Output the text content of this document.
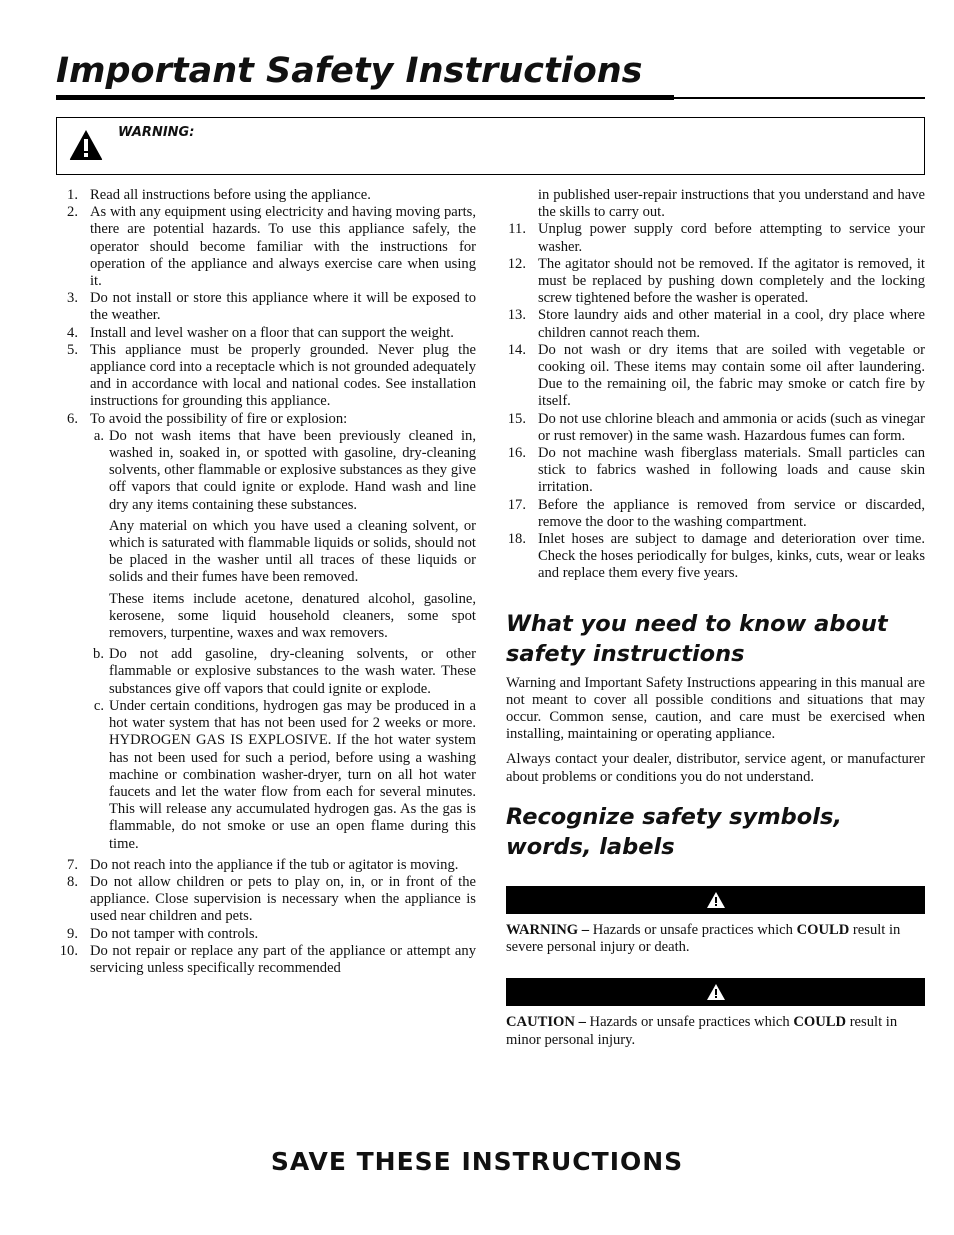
Important Safety Instructions
WARNING:
1. Read all instructions before using the appliance.
2. As with any equipment using electricity and having moving parts, there are potential hazards. To use this appliance safely, the operator should become familiar with the instructions for operation of the appliance and always exercise care when using it.
3. Do not install or store this appliance where it will be exposed to the weather.
4. Install and level washer on a floor that can support the weight.
5. This appliance must be properly grounded. Never plug the appliance cord into a receptacle which is not grounded adequately and in accordance with local and national codes. See installation instructions for grounding this appliance.
6. To avoid the possibility of fire or explosion:
a. Do not wash items that have been previously cleaned in, washed in, soaked in, or spotted with gasoline, dry-cleaning solvents, other flammable or explosive substances as they give off vapors that could ignite or explode. Hand wash and line dry any items containing these substances.

Any material on which you have used a cleaning solvent, or which is saturated with flammable liquids or solids, should not be placed in the washer until all traces of these liquids or solids and their fumes have been removed.

These items include acetone, denatured alcohol, gasoline, kerosene, some liquid household cleaners, some spot removers, turpentine, waxes and wax removers.

b. Do not add gasoline, dry-cleaning solvents, or other flammable or explosive substances to the wash water. These substances give off vapors that could ignite or explode.
c. Under certain conditions, hydrogen gas may be produced in a hot water system that has not been used for 2 weeks or more. HYDROGEN GAS IS EXPLOSIVE. If the hot water system has not been used for such a period, before using a washing machine or combination washer-dryer, turn on all hot water faucets and let the water flow from each for several minutes. This will release any accumulated hydrogen gas. As the gas is flammable, do not smoke or use an open flame during this time.
7. Do not reach into the appliance if the tub or agitator is moving.
8. Do not allow children or pets to play on, in, or in front of the appliance. Close supervision is necessary when the appliance is used near children and pets.
9. Do not tamper with controls.
10. Do not repair or replace any part of the appliance or attempt any servicing unless specifically recommended
in published user-repair instructions that you understand and have the skills to carry out.
11. Unplug power supply cord before attempting to service your washer.
12. The agitator should not be removed. If the agitator is removed, it must be replaced by pushing down completely and the locking screw tightened before the washer is operated.
13. Store laundry aids and other material in a cool, dry place where children cannot reach them.
14. Do not wash or dry items that are soiled with vegetable or cooking oil. These items may contain some oil after laundering. Due to the remaining oil, the fabric may smoke or catch fire by itself.
15. Do not use chlorine bleach and ammonia or acids (such as vinegar or rust remover) in the same wash. Hazardous fumes can form.
16. Do not machine wash fiberglass materials. Small particles can stick to fabrics washed in following loads and cause skin irritation.
17. Before the appliance is removed from service or discarded, remove the door to the washing compartment.
18. Inlet hoses are subject to damage and deterioration over time. Check the hoses periodically for bulges, kinks, cuts, wear or leaks and replace them every five years.
What you need to know about safety instructions

Warning and Important Safety Instructions appearing in this manual are not meant to cover all possible conditions and situations that may occur. Common sense, caution, and care must be exercised when installing, maintaining or operating appliance.

Always contact your dealer, distributor, service agent, or manufacturer about problems or conditions you do not understand.

Recognize safety symbols, words, labels

WARNING – Hazards or unsafe practices which COULD result in severe personal injury or death.

CAUTION – Hazards or unsafe practices which COULD result in minor personal injury.

SAVE THESE INSTRUCTIONS
